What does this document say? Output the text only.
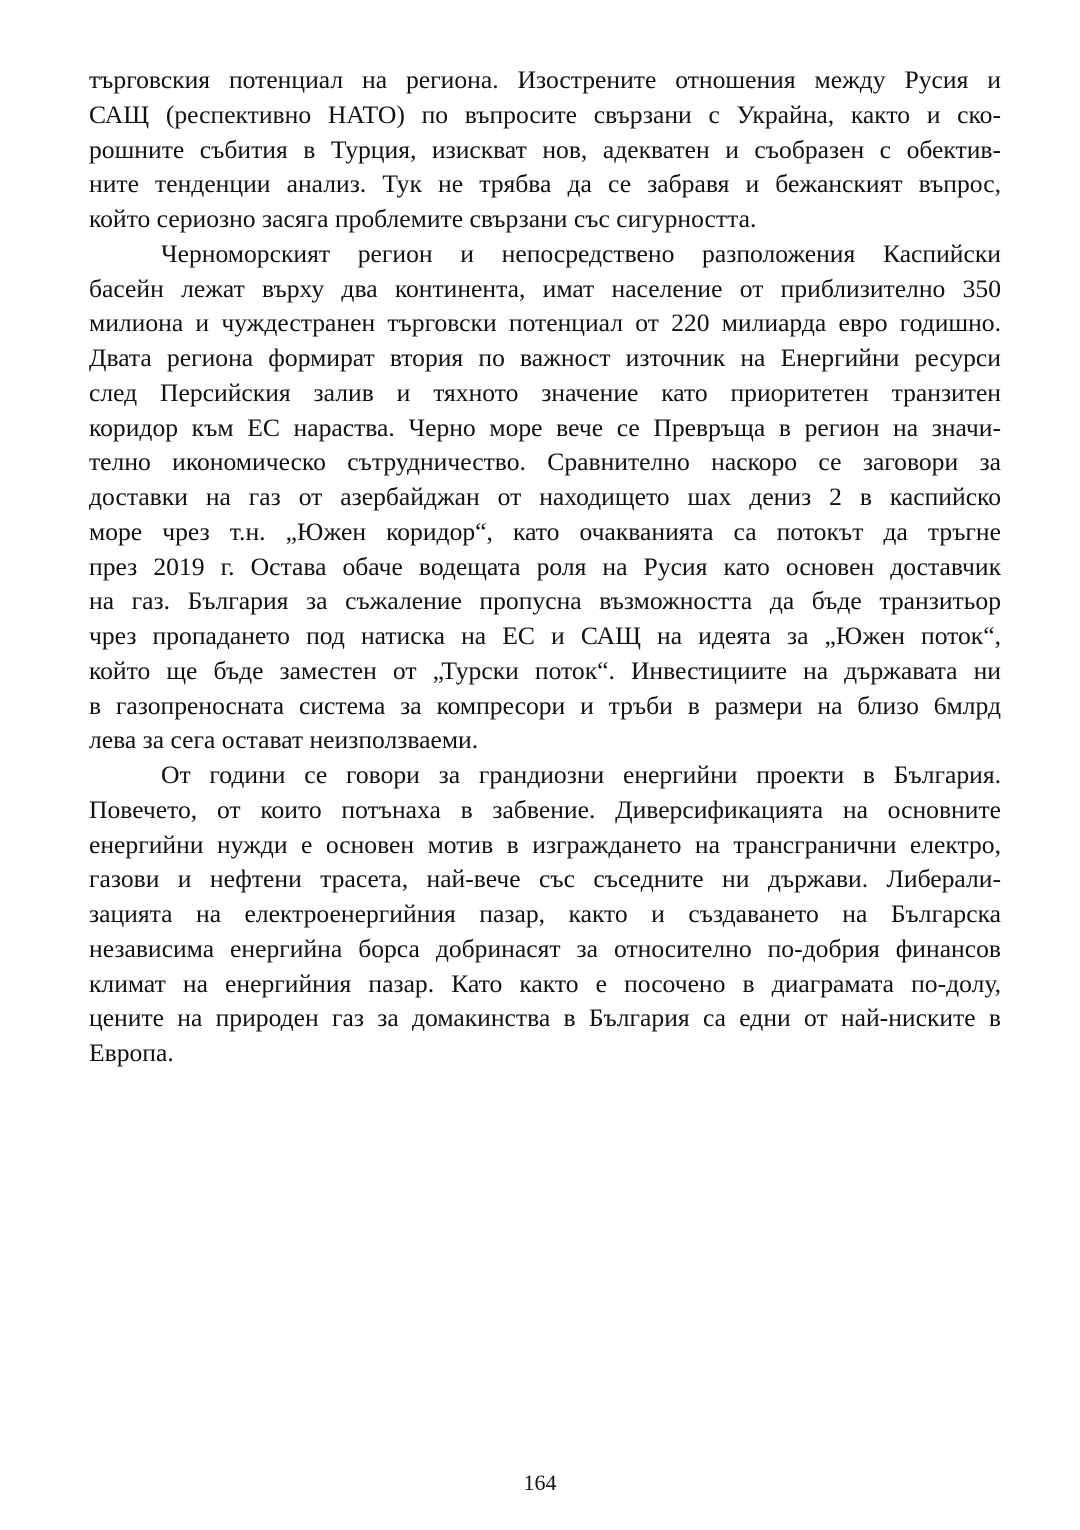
търговския потенциал на региона. Изострените отношения между Русия и
САЩ (респективно НАТО) по въпросите свързани с Украйна, както и ско-
рошните събития в Турция, изискват нов, адекватен и съобразен с обектив-
ните тенденции анализ. Тук не трябва да се забравя и бежанският въпрос,
който сериозно засяга проблемите свързани със сигурността.
Черноморският регион и непосредствено разположения Каспийски
басейн лежат върху два континента, имат население от приблизително 350
милиона и чуждестранен търговски потенциал от 220 милиарда евро годишно.
Двата региона формират втория по важност източник на Енергийни ресурси
след Персийския залив и тяхното значение като приоритетен транзитен
коридор към ЕС нараства. Черно море вече се Превръща в регион на значи-
телно икономическо сътрудничество. Сравнително наскоро се заговори за
доставки на газ от азербайджан от находището шах дениз 2 в каспийско
море чрез т.н. „Южен коридор“, като очакванията са потокът да тръгне
през 2019 г. Остава обаче водещата роля на Русия като основен доставчик
на газ. България за съжаление пропусна възможността да бъде транзитьор
чрез пропадането под натиска на ЕС и САЩ на идеята за „Южен поток“,
който ще бъде заместен от „Турски поток“. Инвестициите на държавата ни
в газопреносната система за компресори и тръби в размери на близо 6млрд
лева за сега остават неизползваеми.
От години се говори за грандиозни енергийни проекти в България.
Повечето, от които потънаха в забвение. Диверсификацията на основните
енергийни нужди е основен мотив в изграждането на трансгранични електро,
газови и нефтени трасета, най-вече със съседните ни държави. Либерали-
зацията на електроенергийния пазар, както и създаването на Българска
независима енергийна борса добринасят за относително по-добрия финансов
климат на енергийния пазар. Като както е посочено в диаграмата по-долу,
цените на природен газ за домакинства в България са едни от най-ниските в
Европа.
164
